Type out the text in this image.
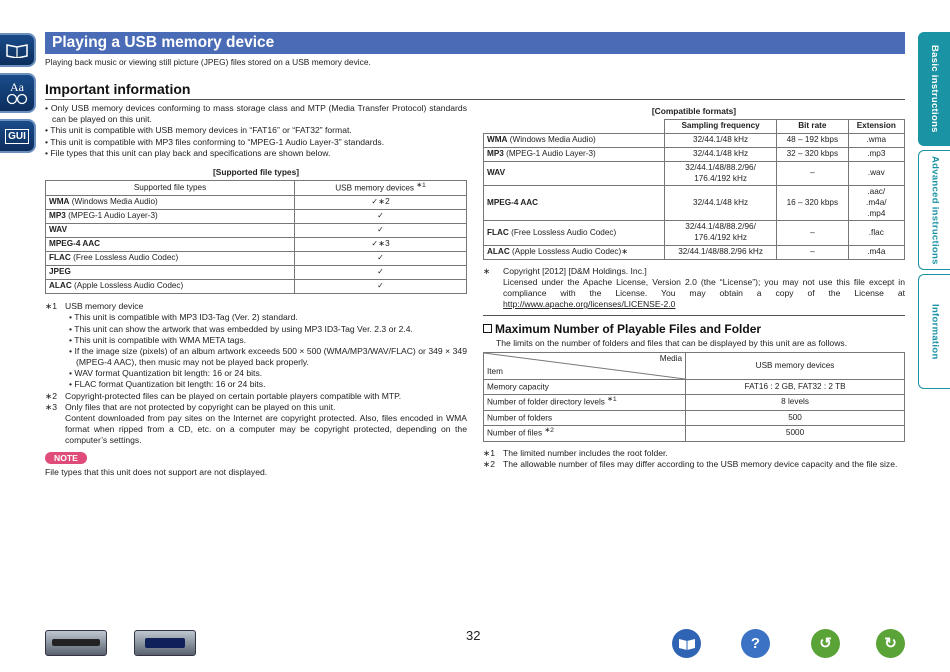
Aa
GUI
Basic instructions
Advanced instructions
Information
Playing a USB memory device
Playing back music or viewing still picture (JPEG) files stored on a USB memory device.
Important information
• Only USB memory devices conforming to mass storage class and MTP (Media Transfer Protocol) standards can be played on this unit.
• This unit is compatible with USB memory devices in “FAT16” or “FAT32” format.
• This unit is compatible with MP3 files conforming to “MPEG-1 Audio Layer-3” standards.
• File types that this unit can play back and specifications are shown below.
[Supported file types]
Supported file types	USB memory devices $^{∗1}$
WMA (Windows Media Audio)	✓∗2
MP3 (MPEG-1 Audio Layer-3)	✓
WAV	✓
MPEG-4 AAC	✓∗3
FLAC (Free Lossless Audio Codec)	✓
JPEG	✓
ALAC (Apple Lossless Audio Codec)	✓
∗1 USB memory device
• This unit is compatible with MP3 ID3-Tag (Ver. 2) standard.
• This unit can show the artwork that was embedded by using MP3 ID3-Tag Ver. 2.3 or 2.4.
• This unit is compatible with WMA META tags.
• If the image size (pixels) of an album artwork exceeds 500 × 500 (WMA/MP3/WAV/FLAC) or 349 × 349 (MPEG-4 AAC), then music may not be played back properly.
• WAV format Quantization bit length: 16 or 24 bits.
• FLAC format Quantization bit length: 16 or 24 bits.
∗2 Copyright-protected files can be played on certain portable players compatible with MTP.
∗3 Only files that are not protected by copyright can be played on this unit.
Content downloaded from pay sites on the Internet are copyright protected. Also, files encoded in WMA format when ripped from a CD, etc. on a computer may be copyright protected, depending on the computer’s settings.
NOTE
File types that this unit does not support are not displayed.
[Compatible formats]
	Sampling frequency	Bit rate	Extension
WMA (Windows Media Audio)	32/44.1/48 kHz	48 – 192 kbps	.wma
MP3 (MPEG-1 Audio Layer-3)	32/44.1/48 kHz	32 – 320 kbps	.mp3
WAV	32/44.1/48/88.2/96/
176.4/192 kHz	–	.wav
MPEG-4 AAC	32/44.1/48 kHz	16 – 320 kbps	.aac/
.m4a/
.mp4
FLAC (Free Lossless Audio Codec)	32/44.1/48/88.2/96/
176.4/192 kHz	–	.flac
ALAC (Apple Lossless Audio Codec)∗	32/44.1/48/88.2/96 kHz	–	.m4a
∗	Copyright [2012] [D&M Holdings. Inc.]
Licensed under the Apache License, Version 2.0 (the “License”); you may not use this file except in compliance with the License. You may obtain a copy of the License at http://www.apache.org/licenses/LICENSE-2.0
Maximum Number of Playable Files and Folder
The limits on the number of folders and files that can be displayed by this unit are as follows.
Media
Item	USB memory devices
Memory capacity	FAT16 : 2 GB, FAT32 : 2 TB
Number of folder directory levels $^{∗1}$	8 levels
Number of folders	500
Number of files $^{∗2}$	5000
∗1 The limited number includes the root folder.
∗2 The allowable number of files may differ according to the USB memory device capacity and the file size.
32	?	↺	↻
